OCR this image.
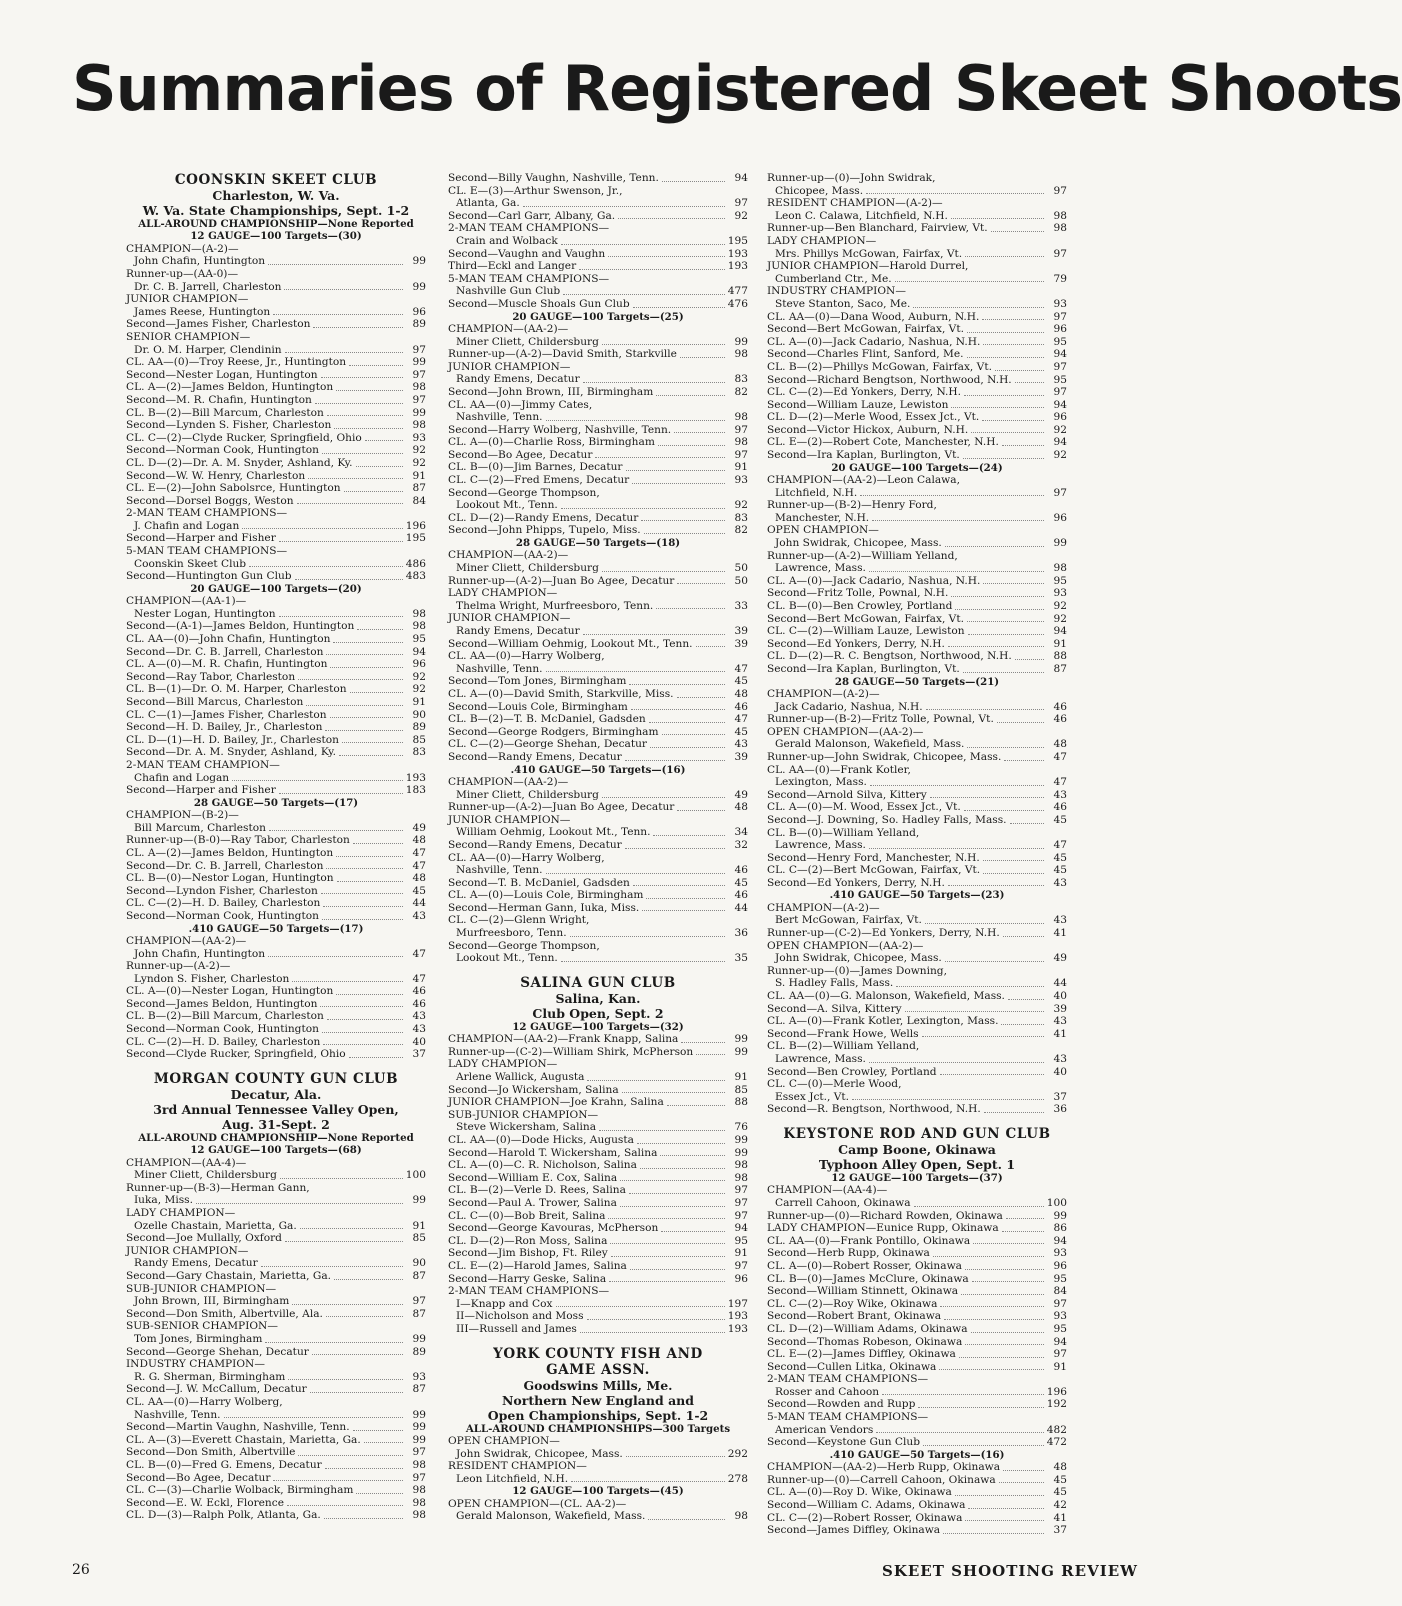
Summaries of Registered Skeet Shoots
COONSKIN SKEET CLUB
Charleston, W. Va.
W. Va. State Championships, Sept. 1-2
ALL-AROUND CHAMPIONSHIP—None Reported
12 GAUGE—100 Targets—(30)
CHAMPION—(A-2)—
John Chafin, Huntington	99
Runner-up—(AA-0)—
Dr. C. B. Jarrell, Charleston	99
JUNIOR CHAMPION—
James Reese, Huntington	96
Second—James Fisher, Charleston	89
SENIOR CHAMPION—
Dr. O. M. Harper, Clendinin	97
CL. AA—(0)—Troy Reese, Jr., Huntington	99
Second—Nester Logan, Huntington	97
CL. A—(2)—James Beldon, Huntington	98
Second—M. R. Chafin, Huntington	97
CL. B—(2)—Bill Marcum, Charleston	99
Second—Lynden S. Fisher, Charleston	98
CL. C—(2)—Clyde Rucker, Springfield, Ohio	93
Second—Norman Cook, Huntington	92
CL. D—(2)—Dr. A. M. Snyder, Ashland, Ky.	92
Second—W. W. Henry, Charleston	91
CL. E—(2)—John Sabolsrce, Huntington	87
Second—Dorsel Boggs, Weston	84
2-MAN TEAM CHAMPIONS—
J. Chafin and Logan	196
Second—Harper and Fisher	195
5-MAN TEAM CHAMPIONS—
Coonskin Skeet Club	486
Second—Huntington Gun Club	483
20 GAUGE—100 Targets—(20)
CHAMPION—(AA-1)—
Nester Logan, Huntington	98
Second—(A-1)—James Beldon, Huntington	98
CL. AA—(0)—John Chafin, Huntington	95
Second—Dr. C. B. Jarrell, Charleston	94
CL. A—(0)—M. R. Chafin, Huntington	96
Second—Ray Tabor, Charleston	92
CL. B—(1)—Dr. O. M. Harper, Charleston	92
Second—Bill Marcus, Charleston	91
CL. C—(1)—James Fisher, Charleston	90
Second—H. D. Bailey, Jr., Charleston	89
CL. D—(1)—H. D. Bailey, Jr., Charleston	85
Second—Dr. A. M. Snyder, Ashland, Ky.	83
2-MAN TEAM CHAMPION—
Chafin and Logan	193
Second—Harper and Fisher	183
28 GAUGE—50 Targets—(17)
CHAMPION—(B-2)—
Bill Marcum, Charleston	49
Runner-up—(B-0)—Ray Tabor, Charleston	48
CL. A—(2)—James Beldon, Huntington	47
Second—Dr. C. B. Jarrell, Charleston	47
CL. B—(0)—Nestor Logan, Huntington	48
Second—Lyndon Fisher, Charleston	45
CL. C—(2)—H. D. Bailey, Charleston	44
Second—Norman Cook, Huntington	43
.410 GAUGE—50 Targets—(17)
CHAMPION—(AA-2)—
John Chafin, Huntington	47
Runner-up—(A-2)—
Lyndon S. Fisher, Charleston	47
CL. A—(0)—Nester Logan, Huntington	46
Second—James Beldon, Huntington	46
CL. B—(2)—Bill Marcum, Charleston	43
Second—Norman Cook, Huntington	43
CL. C—(2)—H. D. Bailey, Charleston	40
Second—Clyde Rucker, Springfield, Ohio	37
MORGAN COUNTY GUN CLUB
Decatur, Ala.
3rd Annual Tennessee Valley Open,
Aug. 31-Sept. 2
ALL-AROUND CHAMPIONSHIP—None Reported
12 GAUGE—100 Targets—(68)
CHAMPION—(AA-4)—
Miner Cliett, Childersburg	100
Runner-up—(B-3)—Herman Gann,
Iuka, Miss.	99
LADY CHAMPION—
Ozelle Chastain, Marietta, Ga.	91
Second—Joe Mullally, Oxford	85
JUNIOR CHAMPION—
Randy Emens, Decatur	90
Second—Gary Chastain, Marietta, Ga.	87
SUB-JUNIOR CHAMPION—
John Brown, III, Birmingham	97
Second—Don Smith, Albertville, Ala.	87
SUB-SENIOR CHAMPION—
Tom Jones, Birmingham	99
Second—George Shehan, Decatur	89
INDUSTRY CHAMPION—
R. G. Sherman, Birmingham	93
Second—J. W. McCallum, Decatur	87
CL. AA—(0)—Harry Wolberg,
Nashville, Tenn.	99
Second—Martin Vaughn, Nashville, Tenn.	99
CL. A—(3)—Everett Chastain, Marietta, Ga.	99
Second—Don Smith, Albertville	97
CL. B—(0)—Fred G. Emens, Decatur	98
Second—Bo Agee, Decatur	97
CL. C—(3)—Charlie Wolback, Birmingham	98
Second—E. W. Eckl, Florence	98
CL. D—(3)—Ralph Polk, Atlanta, Ga.	98
Second—Billy Vaughn, Nashville, Tenn.	94
CL. E—(3)—Arthur Swenson, Jr.,
Atlanta, Ga.	97
Second—Carl Garr, Albany, Ga.	92
2-MAN TEAM CHAMPIONS—
Crain and Wolback	195
Second—Vaughn and Vaughn	193
Third—Eckl and Langer	193
5-MAN TEAM CHAMPIONS—
Nashville Gun Club	477
Second—Muscle Shoals Gun Club	476
20 GAUGE—100 Targets—(25)
CHAMPION—(AA-2)—
Miner Cliett, Childersburg	99
Runner-up—(A-2)—David Smith, Starkville	98
JUNIOR CHAMPION—
Randy Emens, Decatur	83
Second—John Brown, III, Birmingham	82
CL. AA—(0)—Jimmy Cates,
Nashville, Tenn.	98
Second—Harry Wolberg, Nashville, Tenn.	97
CL. A—(0)—Charlie Ross, Birmingham	98
Second—Bo Agee, Decatur	97
CL. B—(0)—Jim Barnes, Decatur	91
CL. C—(2)—Fred Emens, Decatur	93
Second—George Thompson,
Lookout Mt., Tenn.	92
CL. D—(2)—Randy Emens, Decatur	83
Second—John Phipps, Tupelo, Miss.	82
28 GAUGE—50 Targets—(18)
CHAMPION—(AA-2)—
Miner Cliett, Childersburg	50
Runner-up—(A-2)—Juan Bo Agee, Decatur	50
LADY CHAMPION—
Thelma Wright, Murfreesboro, Tenn.	33
JUNIOR CHAMPION—
Randy Emens, Decatur	39
Second—William Oehmig, Lookout Mt., Tenn.	39
CL. AA—(0)—Harry Wolberg,
Nashville, Tenn.	47
Second—Tom Jones, Birmingham	45
CL. A—(0)—David Smith, Starkville, Miss.	48
Second—Louis Cole, Birmingham	46
CL. B—(2)—T. B. McDaniel, Gadsden	47
Second—George Rodgers, Birmingham	45
CL. C—(2)—George Shehan, Decatur	43
Second—Randy Emens, Decatur	39
.410 GAUGE—50 Targets—(16)
CHAMPION—(AA-2)—
Miner Cliett, Childersburg	49
Runner-up—(A-2)—Juan Bo Agee, Decatur	48
JUNIOR CHAMPION—
William Oehmig, Lookout Mt., Tenn.	34
Second—Randy Emens, Decatur	32
CL. AA—(0)—Harry Wolberg,
Nashville, Tenn.	46
Second—T. B. McDaniel, Gadsden	45
CL. A—(0)—Louis Cole, Birmingham	46
Second—Herman Gann, Iuka, Miss.	44
CL. C—(2)—Glenn Wright,
Murfreesboro, Tenn.	36
Second—George Thompson,
Lookout Mt., Tenn.	35
SALINA GUN CLUB
Salina, Kan.
Club Open, Sept. 2
12 GAUGE—100 Targets—(32)
CHAMPION—(AA-2)—Frank Knapp, Salina	99
Runner-up—(C-2)—William Shirk, McPherson	99
LADY CHAMPION—
Arlene Wallick, Augusta	91
Second—Jo Wickersham, Salina	85
JUNIOR CHAMPION—Joe Krahn, Salina	88
SUB-JUNIOR CHAMPION—
Steve Wickersham, Salina	76
CL. AA—(0)—Dode Hicks, Augusta	99
Second—Harold T. Wickersham, Salina	99
CL. A—(0)—C. R. Nicholson, Salina	98
Second—William E. Cox, Salina	98
CL. B—(2)—Verle D. Rees, Salina	97
Second—Paul A. Trower, Salina	97
CL. C—(0)—Bob Breit, Salina	97
Second—George Kavouras, McPherson	94
CL. D—(2)—Ron Moss, Salina	95
Second—Jim Bishop, Ft. Riley	91
CL. E—(2)—Harold James, Salina	97
Second—Harry Geske, Salina	96
2-MAN TEAM CHAMPIONS—
I—Knapp and Cox	197
II—Nicholson and Moss	193
III—Russell and James	193
YORK COUNTY FISH AND
GAME ASSN.
Goodswins Mills, Me.
Northern New England and
Open Championships, Sept. 1-2
ALL-AROUND CHAMPIONSHIPS—300 Targets
OPEN CHAMPION—
John Swidrak, Chicopee, Mass.	292
RESIDENT CHAMPION—
Leon Litchfield, N.H.	278
12 GAUGE—100 Targets—(45)
OPEN CHAMPION—(CL. AA-2)—
Gerald Malonson, Wakefield, Mass.	98
Runner-up—(0)—John Swidrak,
Chicopee, Mass.	97
RESIDENT CHAMPION—(A-2)—
Leon C. Calawa, Litchfield, N.H.	98
Runner-up—Ben Blanchard, Fairview, Vt.	98
LADY CHAMPION—
Mrs. Phillys McGowan, Fairfax, Vt.	97
JUNIOR CHAMPION—Harold Durrel,
Cumberland Ctr., Me.	79
INDUSTRY CHAMPION—
Steve Stanton, Saco, Me.	93
CL. AA—(0)—Dana Wood, Auburn, N.H.	97
Second—Bert McGowan, Fairfax, Vt.	96
CL. A—(0)—Jack Cadario, Nashua, N.H.	95
Second—Charles Flint, Sanford, Me.	94
CL. B—(2)—Phillys McGowan, Fairfax, Vt.	97
Second—Richard Bengtson, Northwood, N.H.	95
CL. C—(2)—Ed Yonkers, Derry, N.H.	97
Second—William Lauze, Lewiston	94
CL. D—(2)—Merle Wood, Essex Jct., Vt.	96
Second—Victor Hickox, Auburn, N.H.	92
CL. E—(2)—Robert Cote, Manchester, N.H.	94
Second—Ira Kaplan, Burlington, Vt.	92
20 GAUGE—100 Targets—(24)
CHAMPION—(AA-2)—Leon Calawa,
Litchfield, N.H.	97
Runner-up—(B-2)—Henry Ford,
Manchester, N.H.	96
OPEN CHAMPION—
John Swidrak, Chicopee, Mass.	99
Runner-up—(A-2)—William Yelland,
Lawrence, Mass.	98
CL. A—(0)—Jack Cadario, Nashua, N.H.	95
Second—Fritz Tolle, Pownal, N.H.	93
CL. B—(0)—Ben Crowley, Portland	92
Second—Bert McGowan, Fairfax, Vt.	92
CL. C—(2)—William Lauze, Lewiston	94
Second—Ed Yonkers, Derry, N.H.	91
CL. D—(2)—R. C. Bengtson, Northwood, N.H.	88
Second—Ira Kaplan, Burlington, Vt.	87
28 GAUGE—50 Targets—(21)
CHAMPION—(A-2)—
Jack Cadario, Nashua, N.H.	46
Runner-up—(B-2)—Fritz Tolle, Pownal, Vt.	46
OPEN CHAMPION—(AA-2)—
Gerald Malonson, Wakefield, Mass.	48
Runner-up—John Swidrak, Chicopee, Mass.	47
CL. AA—(0)—Frank Kotler,
Lexington, Mass.	47
Second—Arnold Silva, Kittery	43
CL. A—(0)—M. Wood, Essex Jct., Vt.	46
Second—J. Downing, So. Hadley Falls, Mass.	45
CL. B—(0)—William Yelland,
Lawrence, Mass.	47
Second—Henry Ford, Manchester, N.H.	45
CL. C—(2)—Bert McGowan, Fairfax, Vt.	45
Second—Ed Yonkers, Derry, N.H.	43
.410 GAUGE—50 Targets—(23)
CHAMPION—(A-2)—
Bert McGowan, Fairfax, Vt.	43
Runner-up—(C-2)—Ed Yonkers, Derry, N.H.	41
OPEN CHAMPION—(AA-2)—
John Swidrak, Chicopee, Mass.	49
Runner-up—(0)—James Downing,
S. Hadley Falls, Mass.	44
CL. AA—(0)—G. Malonson, Wakefield, Mass.	40
Second—A. Silva, Kittery	39
CL. A—(0)—Frank Kotler, Lexington, Mass.	43
Second—Frank Howe, Wells	41
CL. B—(2)—William Yelland,
Lawrence, Mass.	43
Second—Ben Crowley, Portland	40
CL. C—(0)—Merle Wood,
Essex Jct., Vt.	37
Second—R. Bengtson, Northwood, N.H.	36
KEYSTONE ROD AND GUN CLUB
Camp Boone, Okinawa
Typhoon Alley Open, Sept. 1
12 GAUGE—100 Targets—(37)
CHAMPION—(AA-4)—
Carrell Cahoon, Okinawa	100
Runner-up—(0)—Richard Rowden, Okinawa	99
LADY CHAMPION—Eunice Rupp, Okinawa	86
CL. AA—(0)—Frank Pontillo, Okinawa	94
Second—Herb Rupp, Okinawa	93
CL. A—(0)—Robert Rosser, Okinawa	96
CL. B—(0)—James McClure, Okinawa	95
Second—William Stinnett, Okinawa	84
CL. C—(2)—Roy Wike, Okinawa	97
Second—Robert Brant, Okinawa	93
CL. D—(2)—William Adams, Okinawa	95
Second—Thomas Robeson, Okinawa	94
CL. E—(2)—James Diffley, Okinawa	97
Second—Cullen Litka, Okinawa	91
2-MAN TEAM CHAMPIONS—
Rosser and Cahoon	196
Second—Rowden and Rupp	192
5-MAN TEAM CHAMPIONS—
American Vendors	482
Second—Keystone Gun Club	472
.410 GAUGE—50 Targets—(16)
CHAMPION—(AA-2)—Herb Rupp, Okinawa	48
Runner-up—(0)—Carrell Cahoon, Okinawa	45
CL. A—(0)—Roy D. Wike, Okinawa	45
Second—William C. Adams, Okinawa	42
CL. C—(2)—Robert Rosser, Okinawa	41
Second—James Diffley, Okinawa	37
26	SKEET SHOOTING REVIEW
